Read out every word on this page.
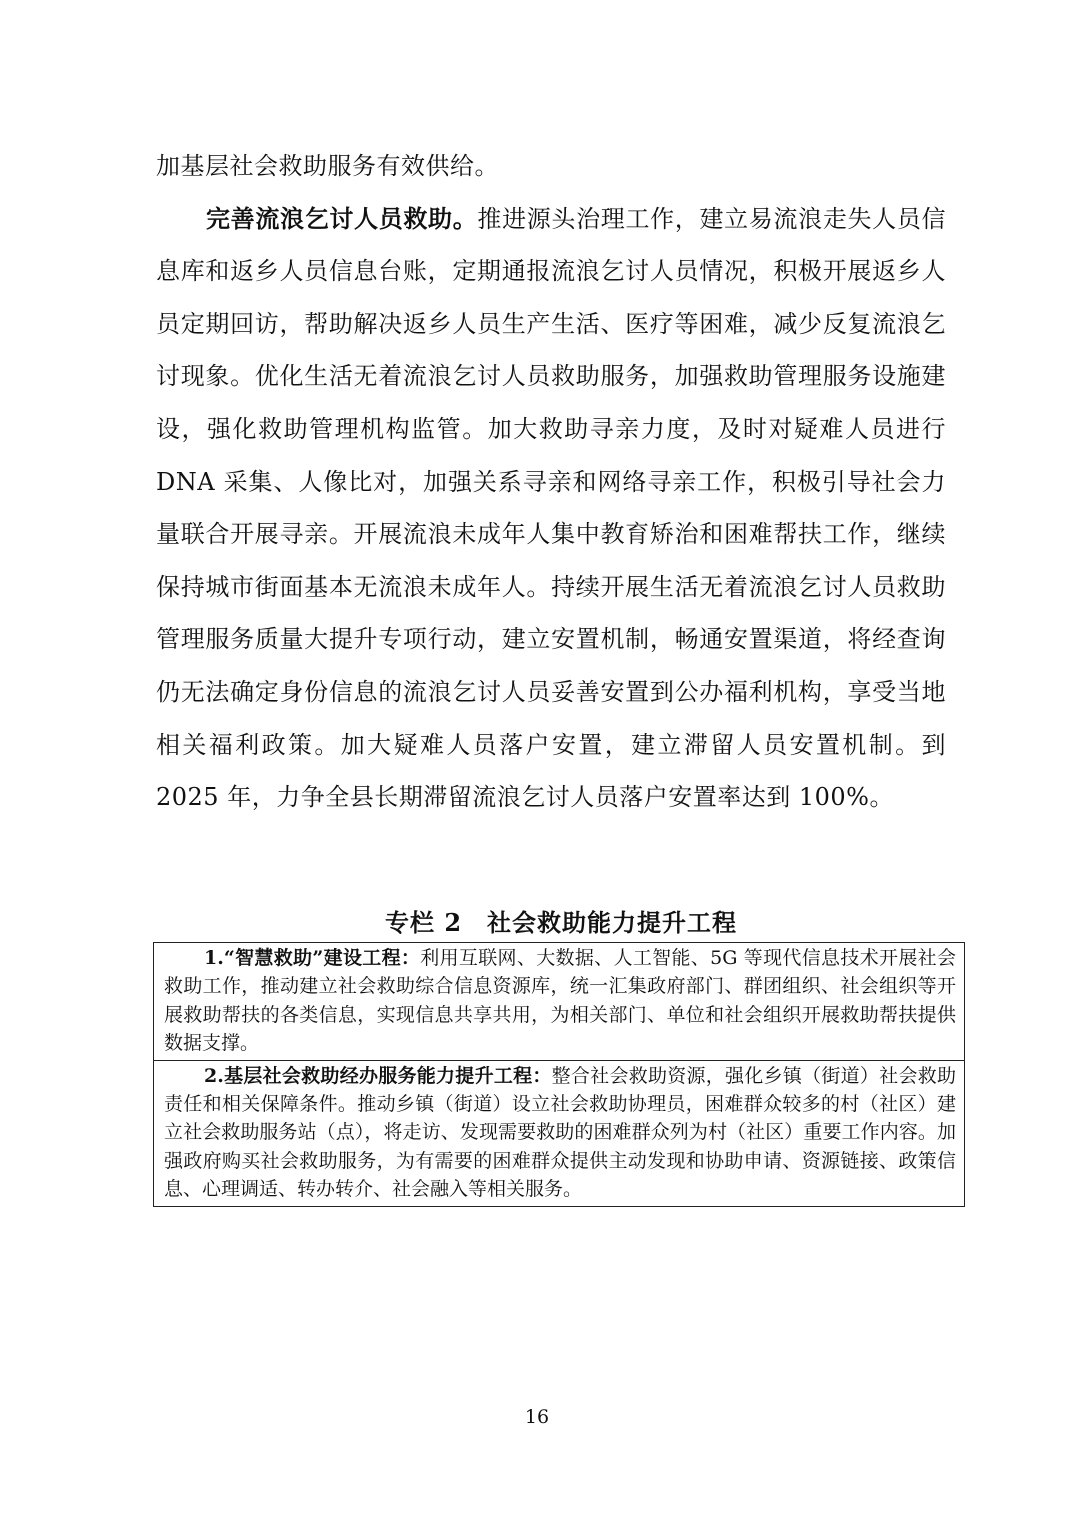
加基层社会救助服务有效供给。

完善流浪乞讨人员救助。推进源头治理工作，建立易流浪走失人员信息库和返乡人员信息台账，定期通报流浪乞讨人员情况，积极开展返乡人员定期回访，帮助解决返乡人员生产生活、医疗等困难，减少反复流浪乞讨现象。优化生活无着流浪乞讨人员救助服务，加强救助管理服务设施建设，强化救助管理机构监管。加大救助寻亲力度，及时对疑难人员进行 DNA 采集、人像比对，加强关系寻亲和网络寻亲工作，积极引导社会力量联合开展寻亲。开展流浪未成年人集中教育矫治和困难帮扶工作，继续保持城市街面基本无流浪未成年人。持续开展生活无着流浪乞讨人员救助管理服务质量大提升专项行动，建立安置机制，畅通安置渠道，将经查询仍无法确定身份信息的流浪乞讨人员妥善安置到公办福利机构，享受当地相关福利政策。加大疑难人员落户安置，建立滞留人员安置机制。到 2025 年，力争全县长期滞留流浪乞讨人员落户安置率达到 100%。

专栏 2　社会救助能力提升工程
1.“智慧救助”建设工程：利用互联网、大数据、人工智能、5G 等现代信息技术开展社会救助工作，推动建立社会救助综合信息资源库，统一汇集政府部门、群团组织、社会组织等开展救助帮扶的各类信息，实现信息共享共用，为相关部门、单位和社会组织开展救助帮扶提供数据支撑。
2.基层社会救助经办服务能力提升工程：整合社会救助资源，强化乡镇（街道）社会救助责任和相关保障条件。推动乡镇（街道）设立社会救助协理员，困难群众较多的村（社区）建立社会救助服务站（点），将走访、发现需要救助的困难群众列为村（社区）重要工作内容。加强政府购买社会救助服务，为有需要的困难群众提供主动发现和协助申请、资源链接、政策信息、心理调适、转办转介、社会融入等相关服务。
16
